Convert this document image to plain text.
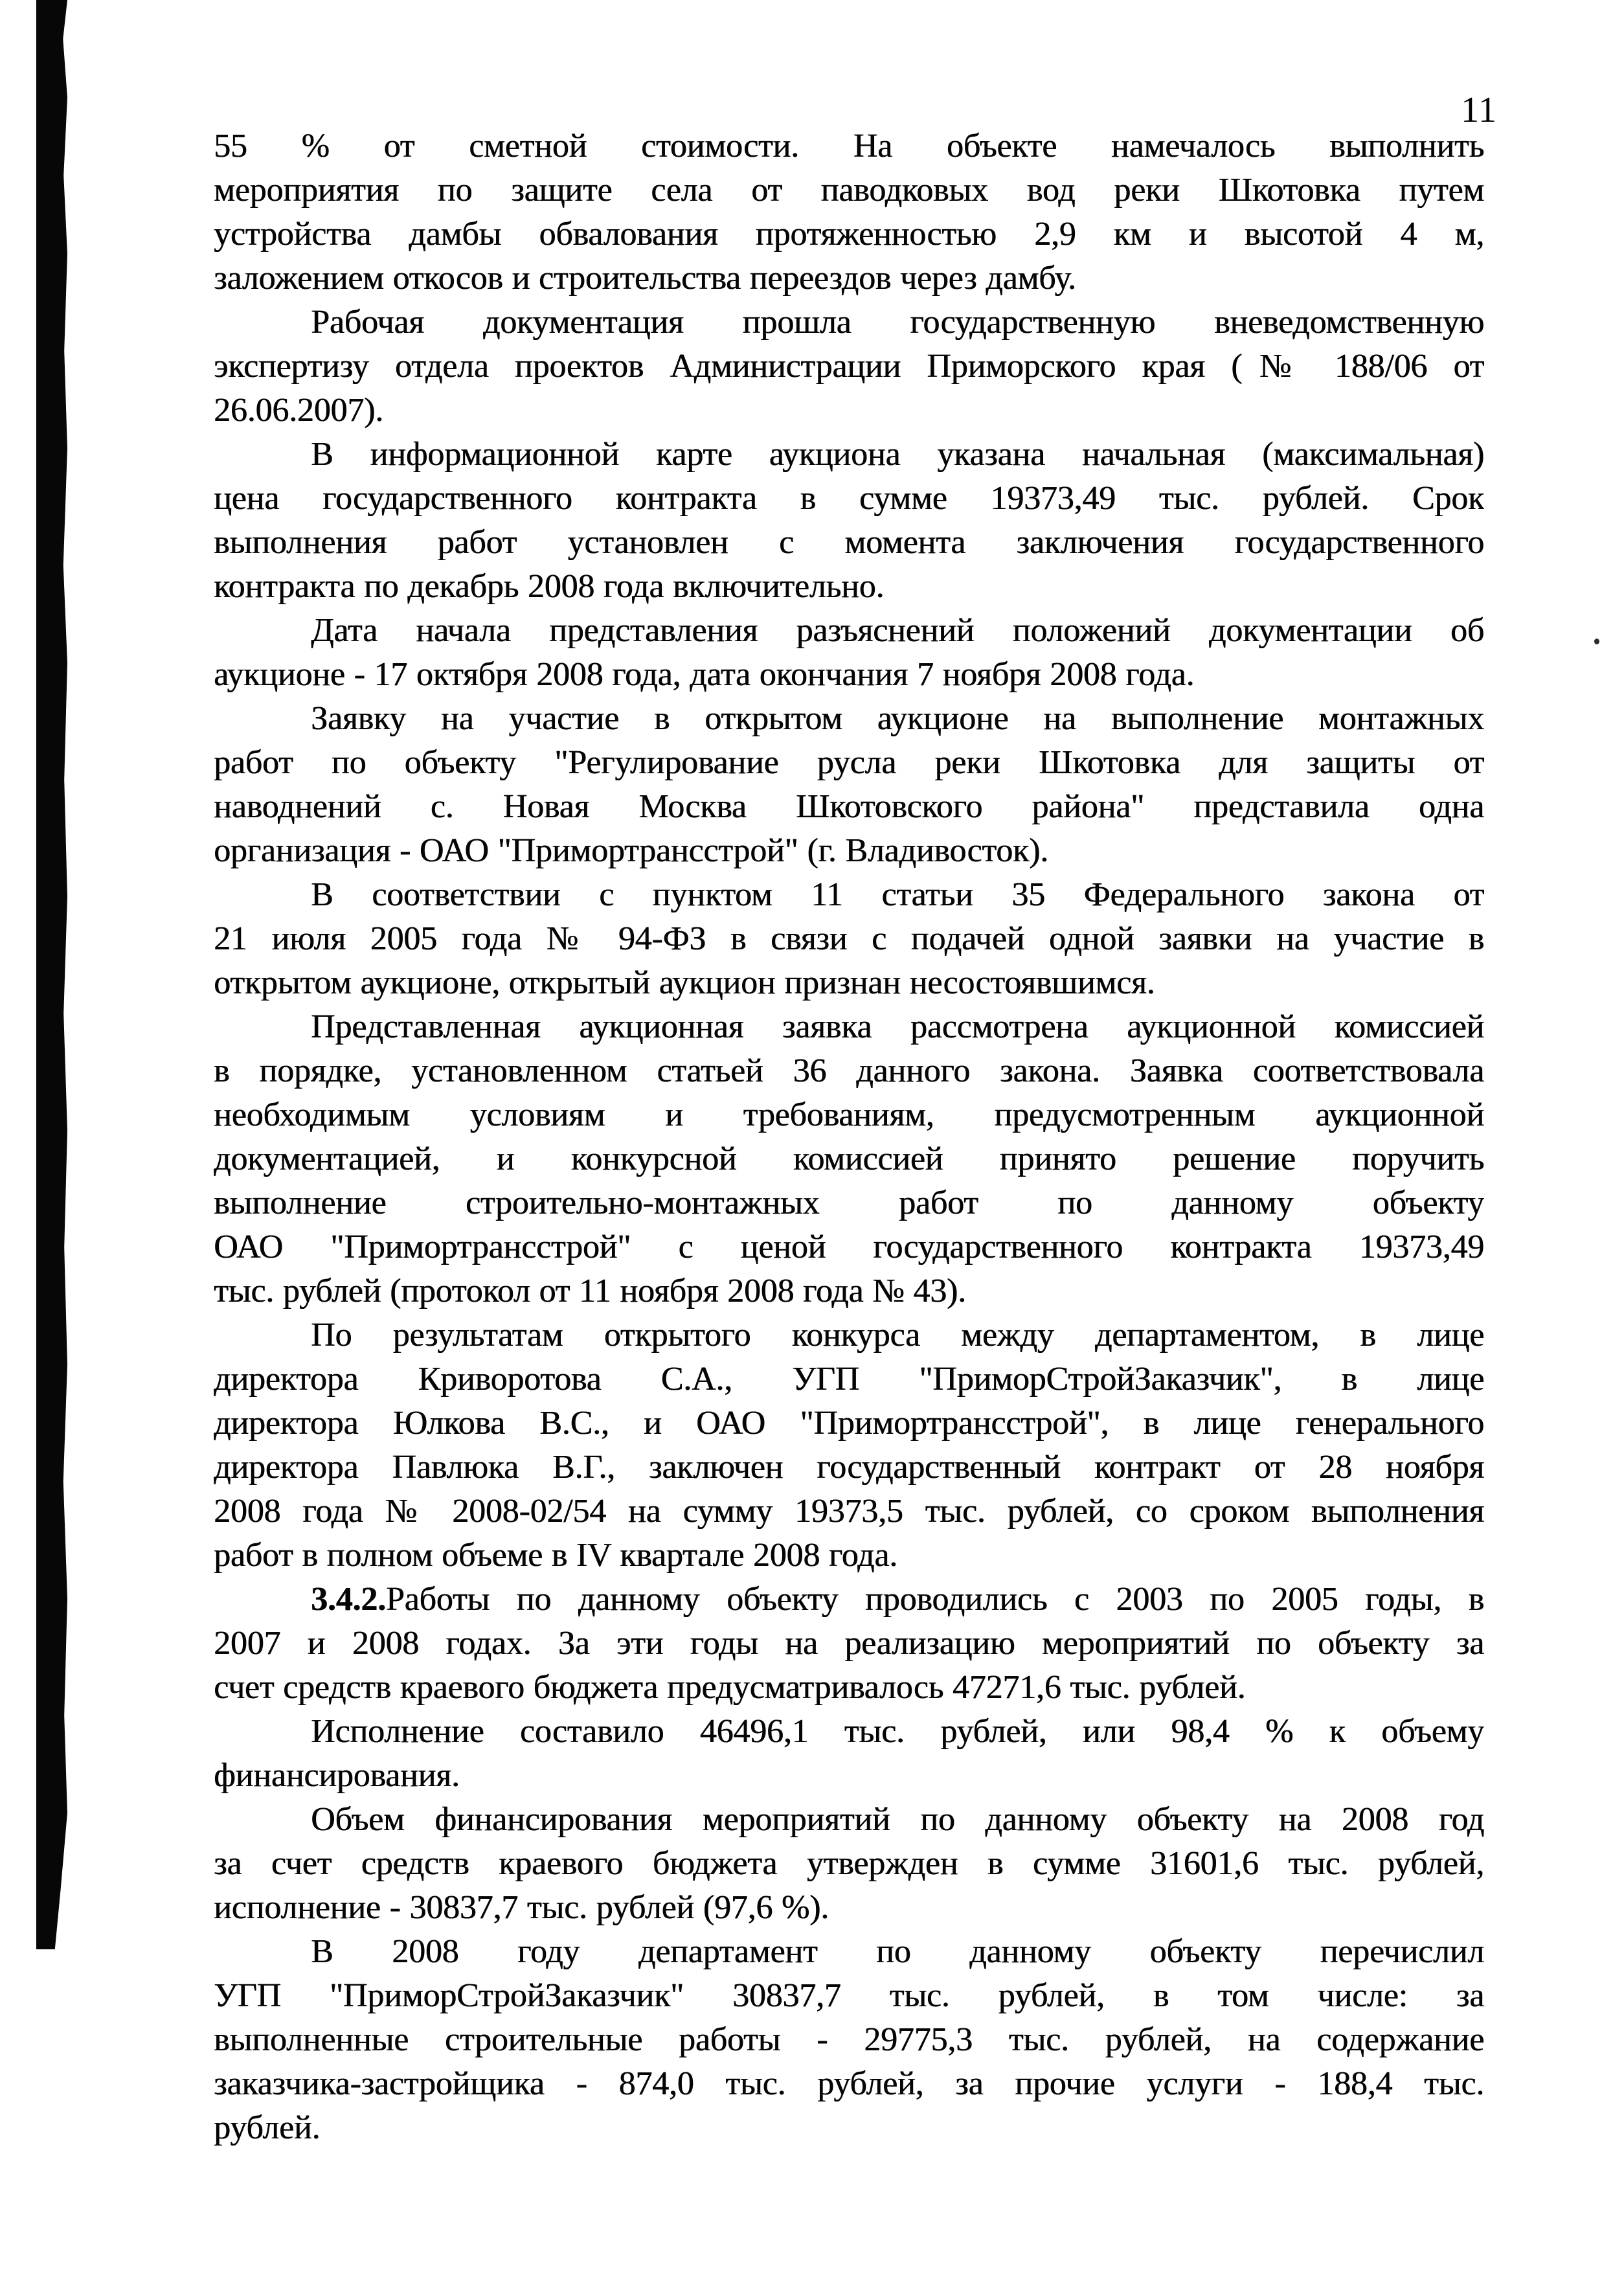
11
55 % от сметной стоимости. На объекте намечалось выполнить
мероприятия по защите села от паводковых вод реки Шкотовка путем
устройства дамбы обвалования протяженностью 2,9 км и высотой 4 м,
заложением откосов и строительства переездов через дамбу.
Рабочая документация прошла государственную вневедомственную
экспертизу отдела проектов Администрации Приморского края (№ 188/06 от
26.06.2007).
В информационной карте аукциона указана начальная (максимальная)
цена государственного контракта в сумме 19373,49 тыс. рублей. Срок
выполнения работ установлен с момента заключения государственного
контракта по декабрь 2008 года включительно.
Дата начала представления разъяснений положений документации об
аукционе - 17 октября 2008 года, дата окончания 7 ноября 2008 года.
Заявку на участие в открытом аукционе на выполнение монтажных
работ по объекту "Регулирование русла реки Шкотовка для защиты от
наводнений с. Новая Москва Шкотовского района" представила одна
организация - ОАО "Примортрансстрой" (г. Владивосток).
В соответствии с пунктом 11 статьи 35 Федерального закона от
21 июля 2005 года № 94-ФЗ в связи с подачей одной заявки на участие в
открытом аукционе, открытый аукцион признан несостоявшимся.
Представленная аукционная заявка рассмотрена аукционной комиссией
в порядке, установленном статьей 36 данного закона. Заявка соответствовала
необходимым условиям и требованиям, предусмотренным аукционной
документацией, и конкурсной комиссией принято решение поручить
выполнение строительно-монтажных работ по данному объекту
ОАО "Примортрансстрой" с ценой государственного контракта 19373,49
тыс. рублей (протокол от 11 ноября 2008 года № 43).
По результатам открытого конкурса между департаментом, в лице
директора Криворотова С.А., УГП "ПриморСтройЗаказчик", в лице
директора Юлкова В.С., и ОАО "Примортрансстрой", в лице генерального
директора Павлюка В.Г., заключен государственный контракт от 28 ноября
2008 года № 2008-02/54 на сумму 19373,5 тыс. рублей, со сроком выполнения
работ в полном объеме в IV квартале 2008 года.
3.4.2.Работы по данному объекту проводились с 2003 по 2005 годы, в
2007 и 2008 годах. За эти годы на реализацию мероприятий по объекту за
счет средств краевого бюджета предусматривалось 47271,6 тыс. рублей.
Исполнение составило 46496,1 тыс. рублей, или 98,4 % к объему
финансирования.
Объем финансирования мероприятий по данному объекту на 2008 год
за счет средств краевого бюджета утвержден в сумме 31601,6 тыс. рублей,
исполнение - 30837,7 тыс. рублей (97,6 %).
В 2008 году департамент по данному объекту перечислил
УГП "ПриморСтройЗаказчик" 30837,7 тыс. рублей, в том числе: за
выполненные строительные работы - 29775,3 тыс. рублей, на содержание
заказчика-застройщика - 874,0 тыс. рублей, за прочие услуги - 188,4 тыс.
рублей.
